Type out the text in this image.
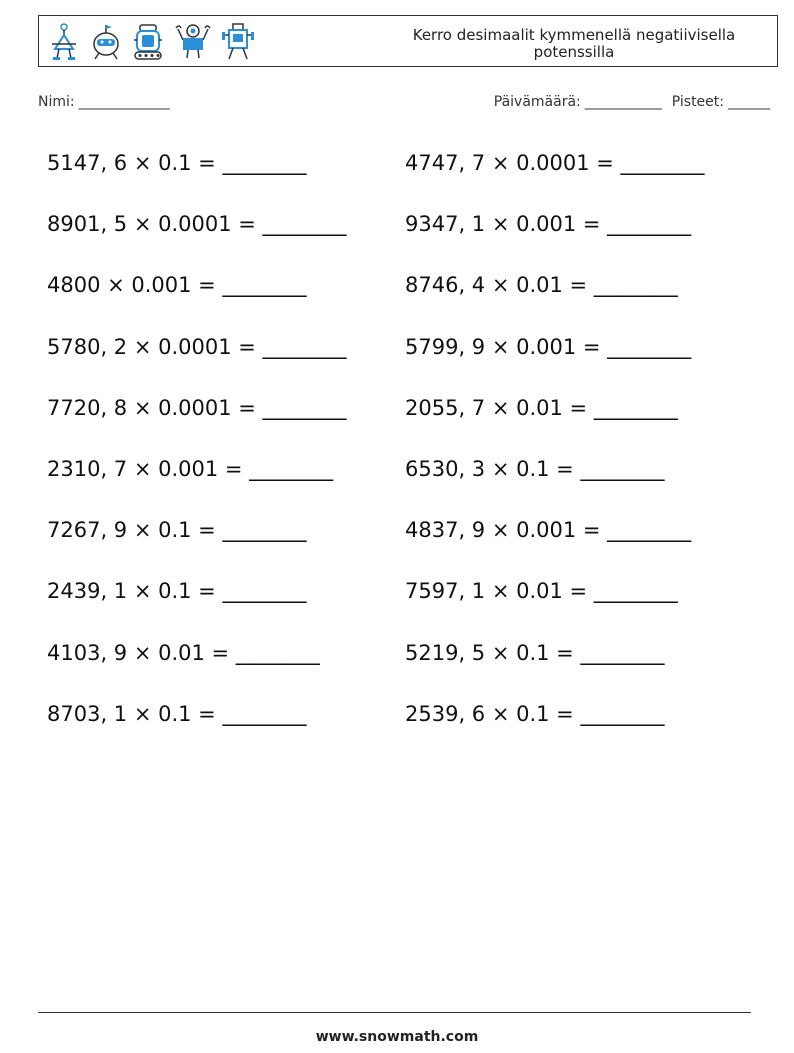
Kerro desimaalit kymmenellä negatiivisella potenssilla
Nimi: _____________	Päivämäärä: ___________ Pisteet: ______
5147, 6 × 0.1 = ________	4747, 7 × 0.0001 = ________
8901, 5 × 0.0001 = ________	9347, 1 × 0.001 = ________
4800 × 0.001 = ________	8746, 4 × 0.01 = ________
5780, 2 × 0.0001 = ________	5799, 9 × 0.001 = ________
7720, 8 × 0.0001 = ________	2055, 7 × 0.01 = ________
2310, 7 × 0.001 = ________	6530, 3 × 0.1 = ________
7267, 9 × 0.1 = ________	4837, 9 × 0.001 = ________
2439, 1 × 0.1 = ________	7597, 1 × 0.01 = ________
4103, 9 × 0.01 = ________	5219, 5 × 0.1 = ________
8703, 1 × 0.1 = ________	2539, 6 × 0.1 = ________
www.snowmath.com
